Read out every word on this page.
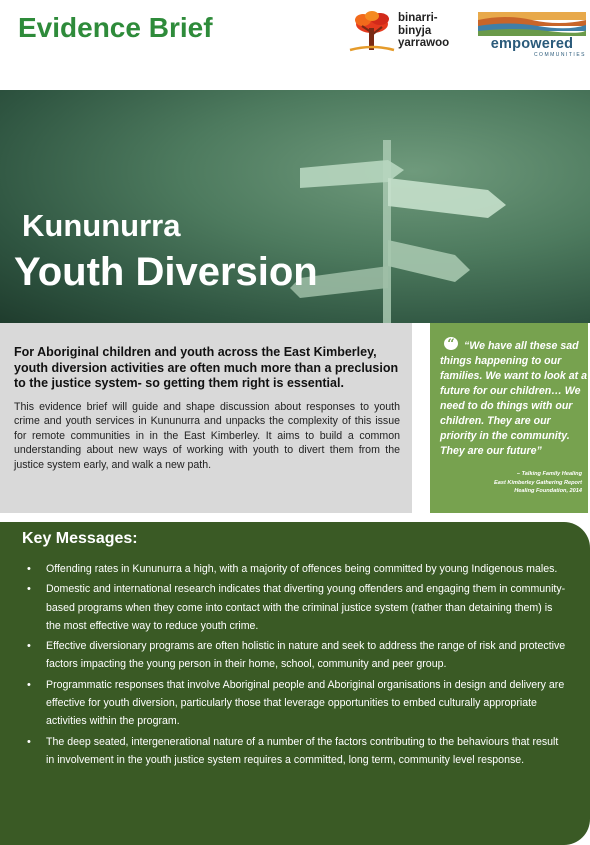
Evidence Brief	binarri-
binyja
yarrawoo	empowered
COMMUNITIES
Kununurra
Youth Diversion
For Aboriginal children and youth across the East Kimberley, youth diversion activities are often much more than a preclusion to the justice system- so getting them right is essential.
This evidence brief will guide and shape discussion about responses to youth crime and youth services in Kununurra and unpacks the complexity of this issue for remote communities in in the East Kimberley. It aims to build a common understanding about new ways of working with youth to divert them from the justice system early, and walk a new path.
“ “We have all these sad things happening to our families. We want to look at a future for our children… We need to do things with our children. They are our priority in the community. They are our future”
– Talking Family Healing
East Kimberley Gathering Report
Healing Foundation, 2014
Key Messages:
• Offending rates in Kununurra a high, with a majority of offences being committed by young Indigenous males.
• Domestic and international research indicates that diverting young offenders and engaging them in community-based programs when they come into contact with the criminal justice system (rather than detaining them) is the most effective way to reduce youth crime.
• Effective diversionary programs are often holistic in nature and seek to address the range of risk and protective factors impacting the young person in their home, school, community and peer group.
• Programmatic responses that involve Aboriginal people and Aboriginal organisations in design and delivery are effective for youth diversion, particularly those that leverage opportunities to embed culturally appropriate activities within the program.
• The deep seated, intergenerational nature of a number of the factors contributing to the behaviours that result in involvement in the youth justice system requires a committed, long term, community level response.
